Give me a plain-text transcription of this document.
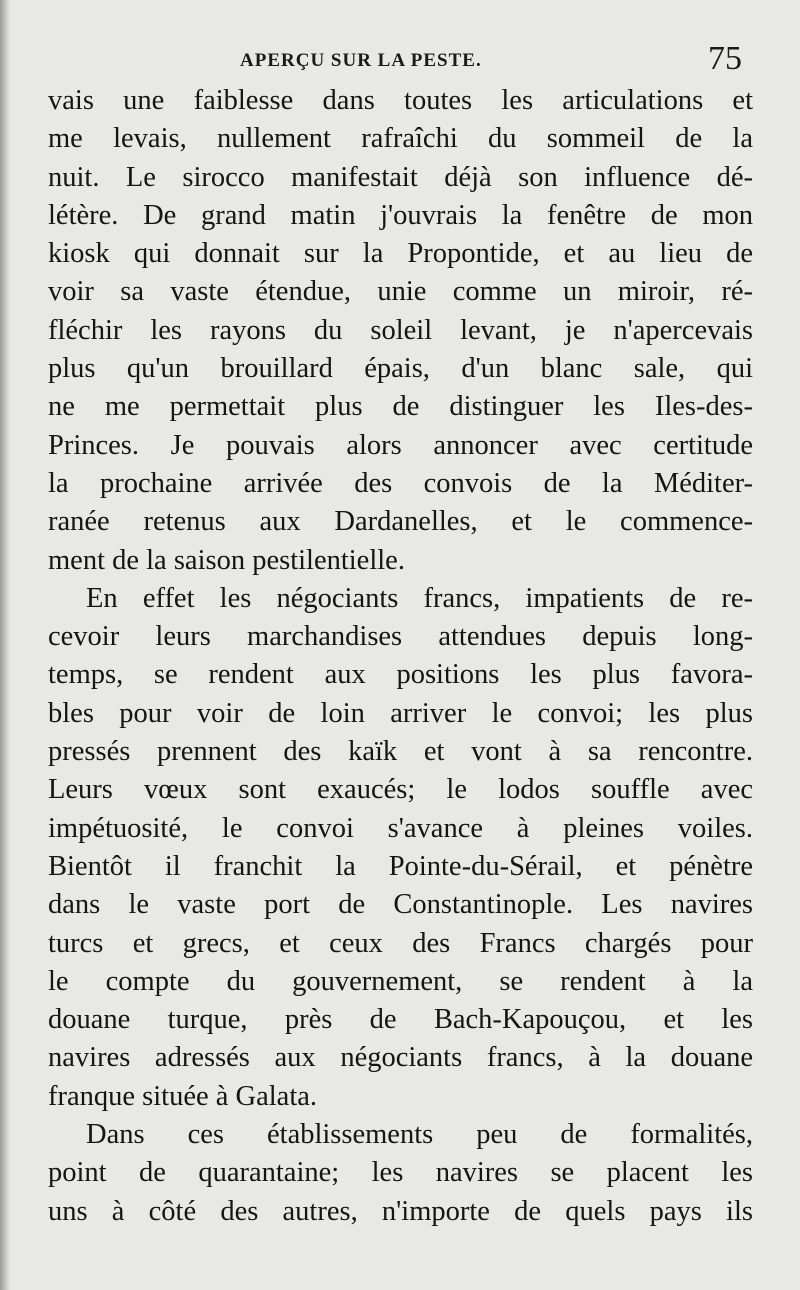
APERÇU SUR LA PESTE.	75
vais une faiblesse dans toutes les articulations et
me levais, nullement rafraîchi du sommeil de la
nuit. Le sirocco manifestait déjà son influence dé-
létère. De grand matin j'ouvrais la fenêtre de mon
kiosk qui donnait sur la Propontide, et au lieu de
voir sa vaste étendue, unie comme un miroir, ré-
fléchir les rayons du soleil levant, je n'apercevais
plus qu'un brouillard épais, d'un blanc sale, qui
ne me permettait plus de distinguer les Iles-des-
Princes. Je pouvais alors annoncer avec certitude
la prochaine arrivée des convois de la Méditer-
ranée retenus aux Dardanelles, et le commence-
ment de la saison pestilentielle.
En effet les négociants francs, impatients de re-
cevoir leurs marchandises attendues depuis long-
temps, se rendent aux positions les plus favora-
bles pour voir de loin arriver le convoi; les plus
pressés prennent des kaïk et vont à sa rencontre.
Leurs vœux sont exaucés; le lodos souffle avec
impétuosité, le convoi s'avance à pleines voiles.
Bientôt il franchit la Pointe-du-Sérail, et pénètre
dans le vaste port de Constantinople. Les navires
turcs et grecs, et ceux des Francs chargés pour
le compte du gouvernement, se rendent à la
douane turque, près de Bach-Kapouçou, et les
navires adressés aux négociants francs, à la douane
franque située à Galata.
Dans ces établissements peu de formalités,
point de quarantaine; les navires se placent les
uns à côté des autres, n'importe de quels pays ils
